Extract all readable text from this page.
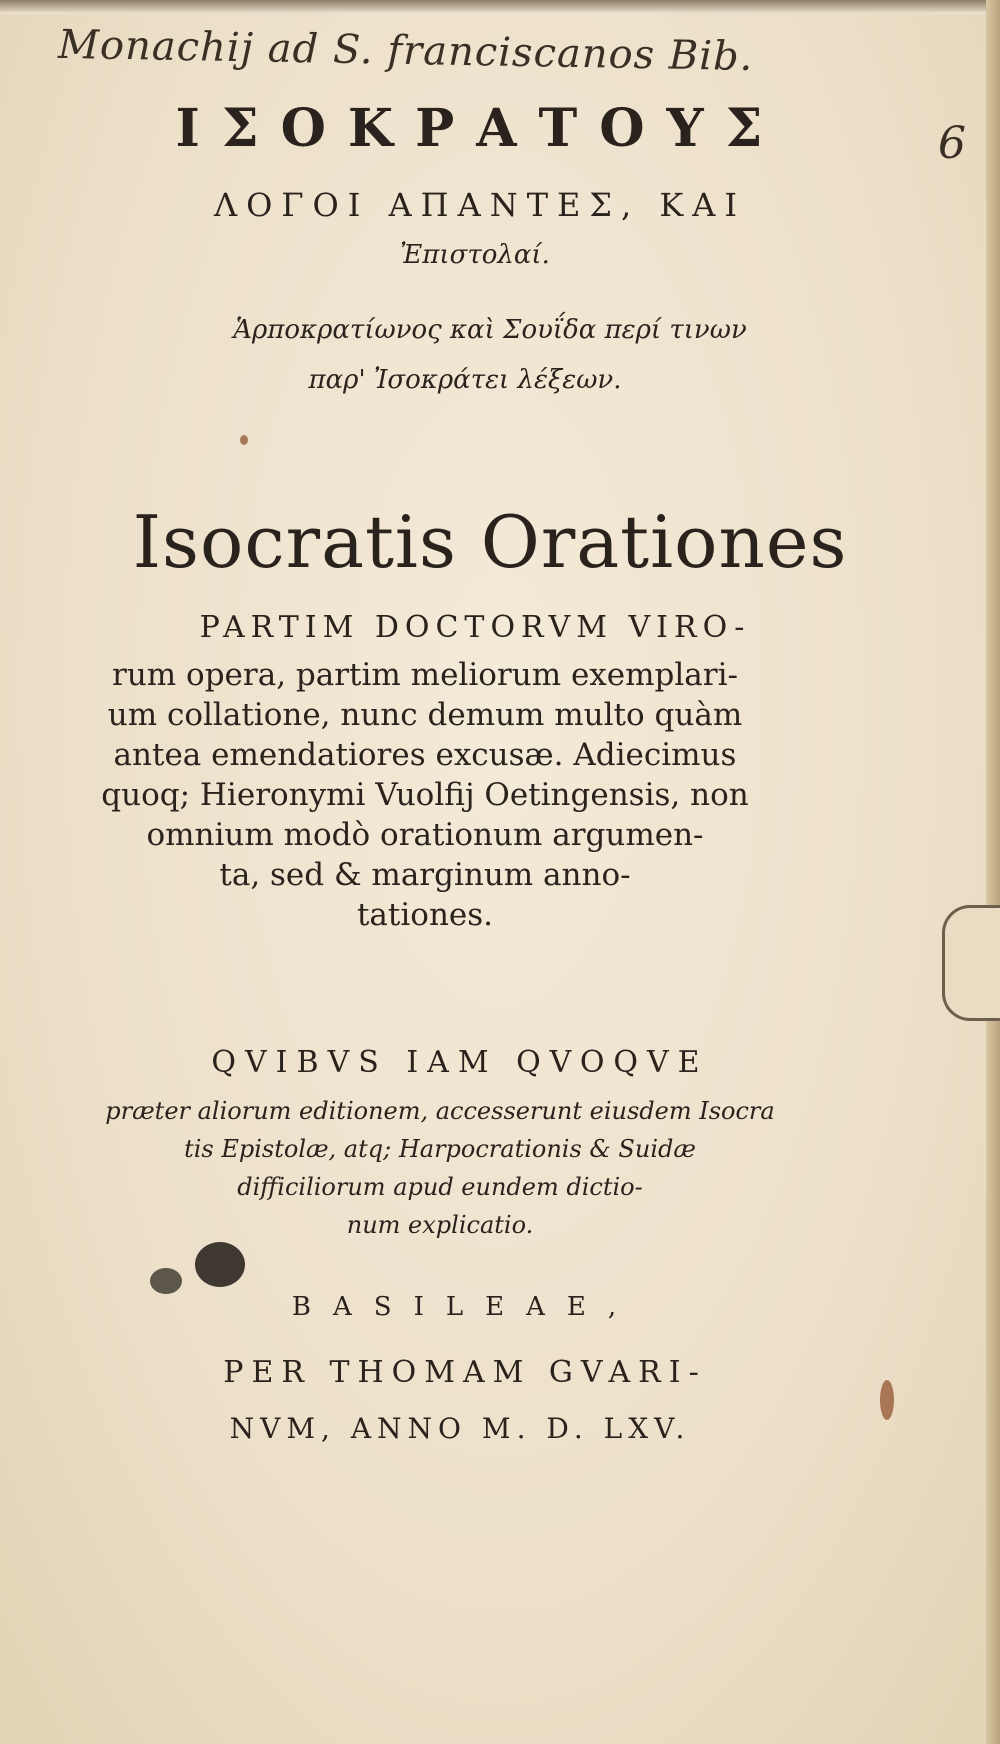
Monachij ad S. franciscanos Bib.
6
ΙΣΟΚΡΑΤΟΥΣ
ΛΟΓΟΙ ΑΠΑΝΤΕΣ, ΚΑΙ
Ἐπιστολαί.
Ἁρποκρατίωνος καὶ Σουΐδα περί τινων
παρ' Ἰσοκράτει λέξεων.
Isocratis Orationes
PARTIM DOCTORVM VIRO-
rum opera, partim meliorum exemplari-
um collatione, nunc demum multo quàm
antea emendatiores excusæ. Adiecimus
quoq; Hieronymi Vuolfij Oetingensis, non
omnium modò orationum argumen-
ta, sed & marginum anno-
tationes.
QVIBVS IAM QVOQVE
præter aliorum editionem, accesserunt eiusdem Isocra
tis Epistolæ, atq; Harpocrationis & Suidæ
difficiliorum apud eundem dictio-
num explicatio.
BASILEAE,
PER THOMAM GVARI-
NVM, ANNO M. D. LXV.
